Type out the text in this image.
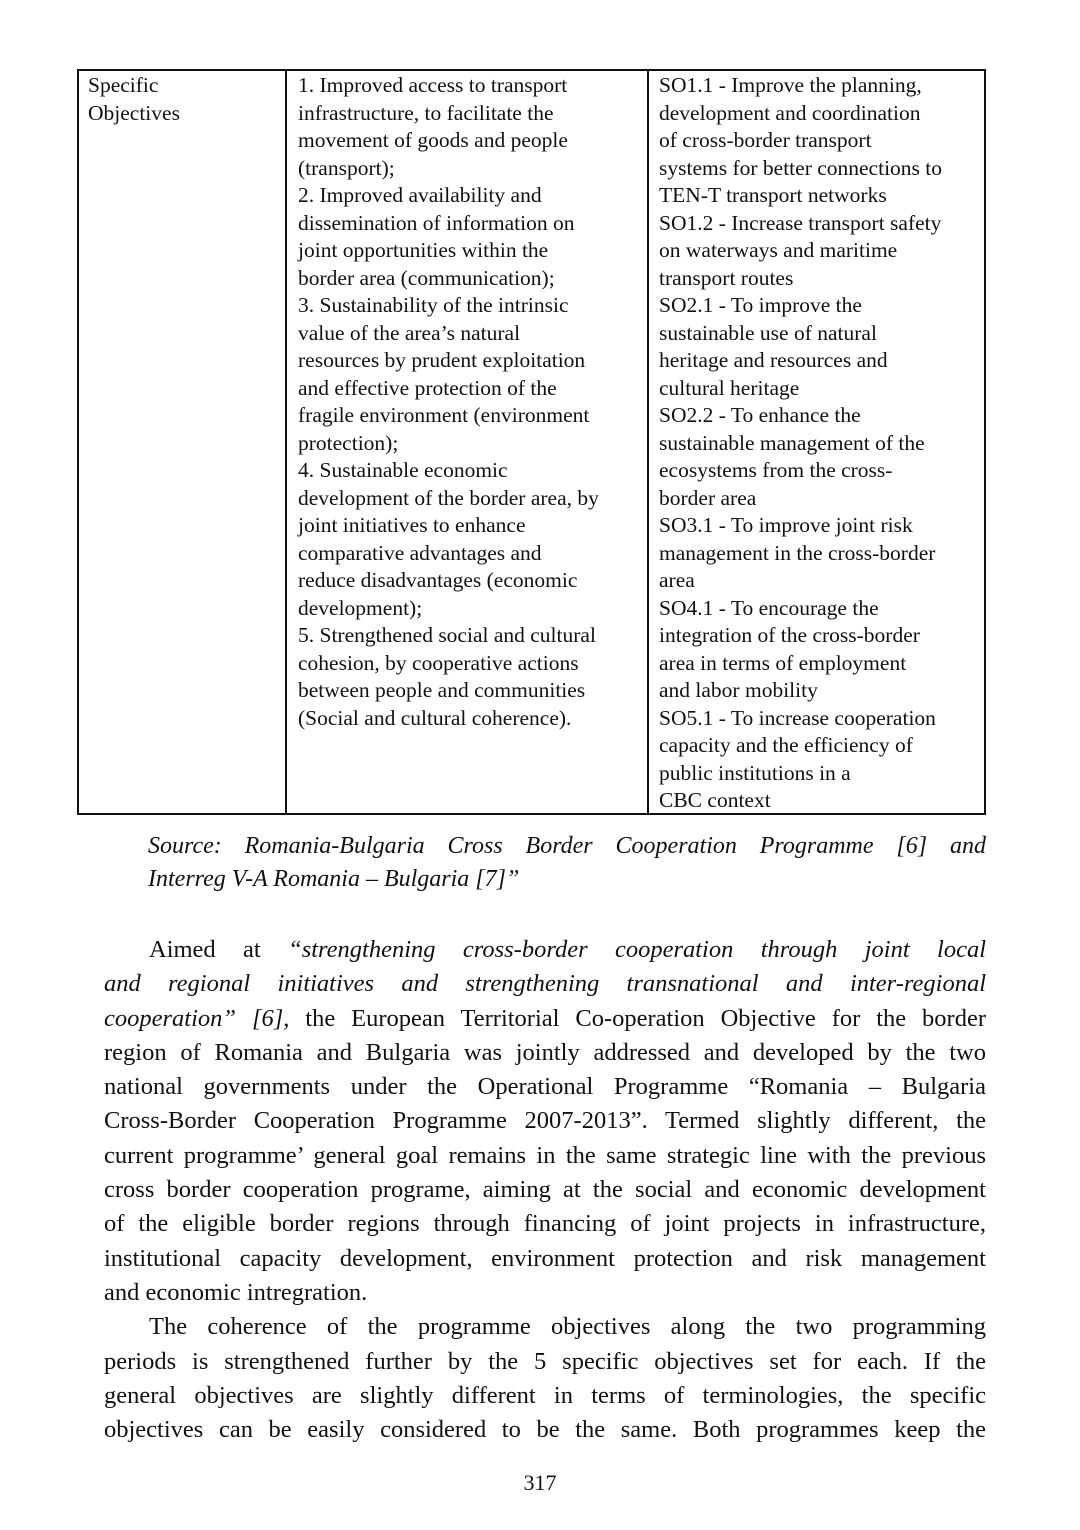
Specific
Objectives
1. Improved access to transport
infrastructure, to facilitate the
movement of goods and people
(transport);
2. Improved availability and
dissemination of information on
joint opportunities within the
border area (communication);
3. Sustainability of the intrinsic
value of the area’s natural
resources by prudent exploitation
and effective protection of the
fragile environment (environment
protection);
4. Sustainable economic
development of the border area, by
joint initiatives to enhance
comparative advantages and
reduce disadvantages (economic
development);
5. Strengthened social and cultural
cohesion, by cooperative actions
between people and communities
(Social and cultural coherence).
SO1.1 - Improve the planning,
development and coordination
of cross-border transport
systems for better connections to
TEN-T transport networks
SO1.2 - Increase transport safety
on waterways and maritime
transport routes
SO2.1 - To improve the
sustainable use of natural
heritage and resources and
cultural heritage
SO2.2 - To enhance the
sustainable management of the
ecosystems from the cross-
border area
SO3.1 - To improve joint risk
management in the cross-border
area
SO4.1 - To encourage the
integration of the cross-border
area in terms of employment
and labor mobility
SO5.1 - To increase cooperation
capacity and the efficiency of
public institutions in a
CBC context
Source: Romania-Bulgaria Cross Border Cooperation Programme [6] and
Interreg V-A Romania – Bulgaria [7]”
Aimed at “strengthening cross-border cooperation through joint local
and regional initiatives and strengthening transnational and inter-regional
cooperation” [6], the European Territorial Co-operation Objective for the border
region of Romania and Bulgaria was jointly addressed and developed by the two
national governments under the Operational Programme “Romania – Bulgaria
Cross-Border Cooperation Programme 2007-2013”. Termed slightly different, the
current programme’ general goal remains in the same strategic line with the previous
cross border cooperation programe, aiming at the social and economic development
of the eligible border regions through financing of joint projects in infrastructure,
institutional capacity development, environment protection and risk management
and economic intregration.
The coherence of the programme objectives along the two programming
periods is strengthened further by the 5 specific objectives set for each. If the
general objectives are slightly different in terms of terminologies, the specific
objectives can be easily considered to be the same. Both programmes keep the
317
